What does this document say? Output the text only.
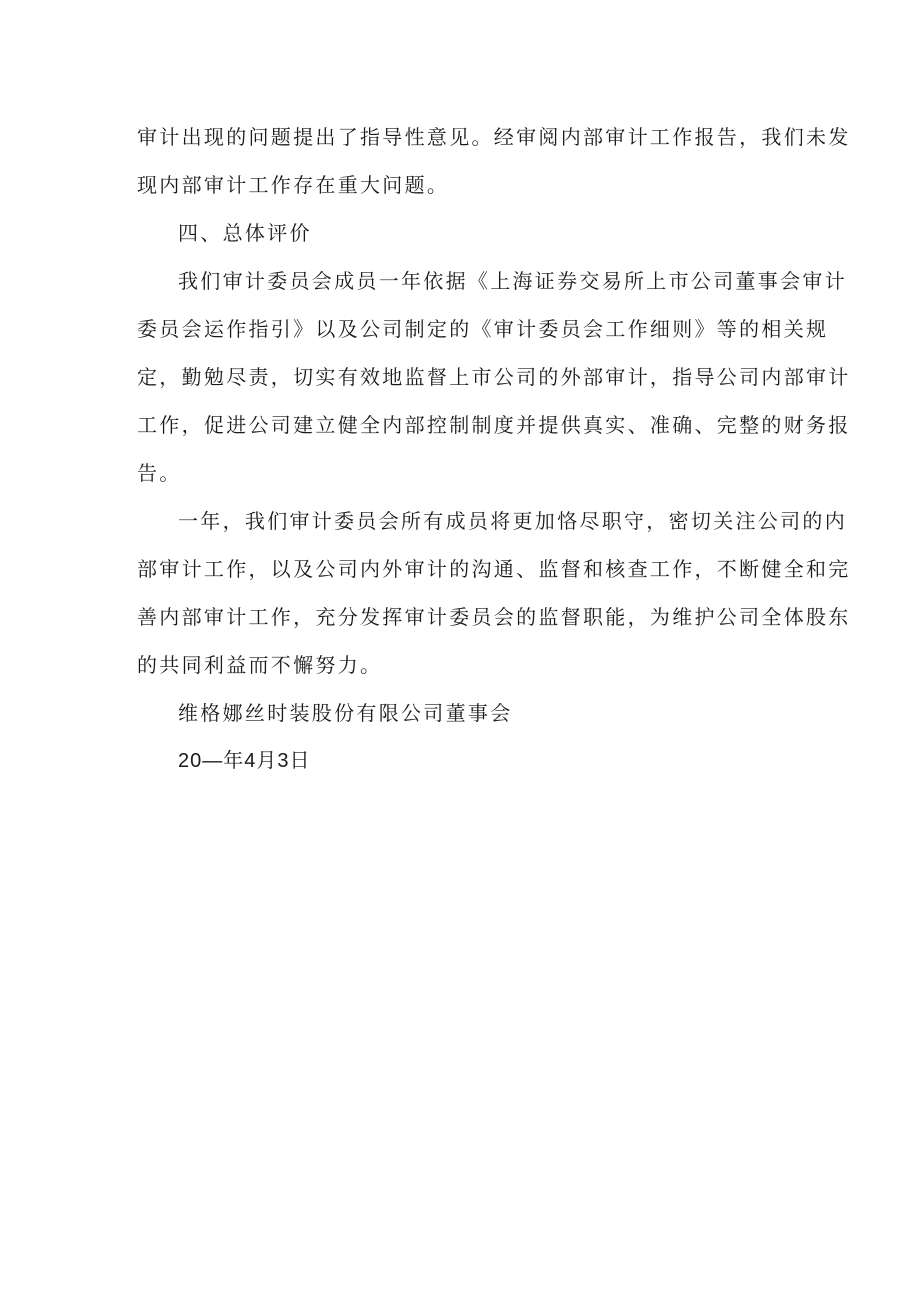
审计出现的问题提出了指导性意见。经审阅内部审计工作报告，我们未发
现内部审计工作存在重大问题。
四、总体评价
我们审计委员会成员一年依据《上海证券交易所上市公司董事会审计
委员会运作指引》以及公司制定的《审计委员会工作细则》等的相关规
定，勤勉尽责，切实有效地监督上市公司的外部审计，指导公司内部审计
工作，促进公司建立健全内部控制制度并提供真实、准确、完整的财务报
告。
一年，我们审计委员会所有成员将更加恪尽职守，密切关注公司的内
部审计工作，以及公司内外审计的沟通、监督和核查工作，不断健全和完
善内部审计工作，充分发挥审计委员会的监督职能，为维护公司全体股东
的共同利益而不懈努力。
维格娜丝时装股份有限公司董事会
20—年4月3日
